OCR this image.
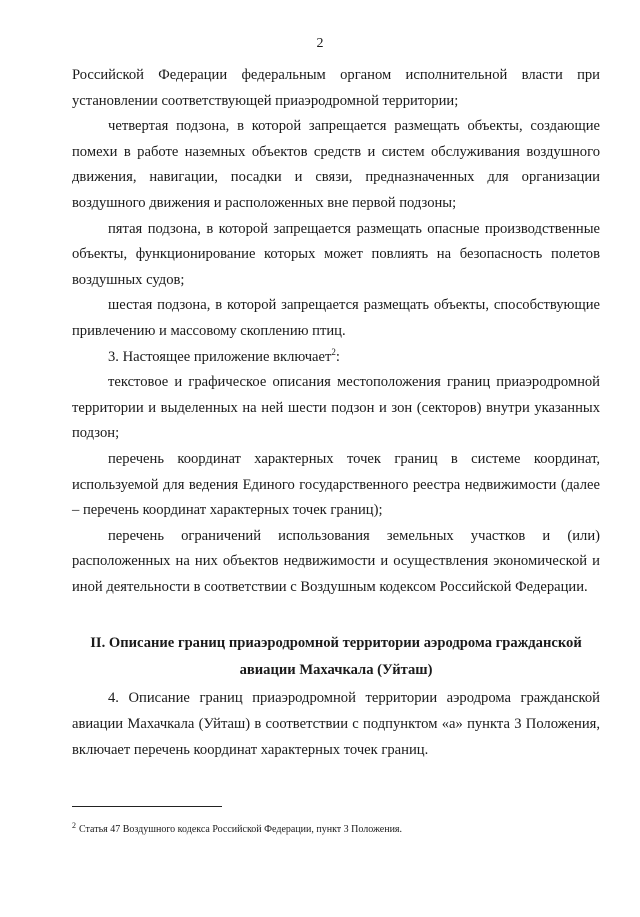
2

Российской Федерации федеральным органом исполнительной власти при установлении соответствующей приаэродромной территории;

четвертая подзона, в которой запрещается размещать объекты, создающие помехи в работе наземных объектов средств и систем обслуживания воздушного движения, навигации, посадки и связи, предназначенных для организации воздушного движения и расположенных вне первой подзоны;

пятая подзона, в которой запрещается размещать опасные производственные объекты, функционирование которых может повлиять на безопасность полетов воздушных судов;

шестая подзона, в которой запрещается размещать объекты, способствующие привлечению и массовому скоплению птиц.

3. Настоящее приложение включает$^2$:

текстовое и графическое описания местоположения границ приаэродромной территории и выделенных на ней шести подзон и зон (секторов) внутри указанных подзон;

перечень координат характерных точек границ в системе координат, используемой для ведения Единого государственного реестра недвижимости (далее – перечень координат характерных точек границ);

перечень ограничений использования земельных участков и (или) расположенных на них объектов недвижимости и осуществления экономической и иной деятельности в соответствии с Воздушным кодексом Российской Федерации.

II. Описание границ приаэродромной территории аэродрома гражданской
авиации Махачкала (Уйташ)

4. Описание границ приаэродромной территории аэродрома гражданской авиации Махачкала (Уйташ) в соответствии с подпунктом «а» пункта 3 Положения, включает перечень координат характерных точек границ.

$^2$ Статья 47 Воздушного кодекса Российской Федерации, пункт 3 Положения.
